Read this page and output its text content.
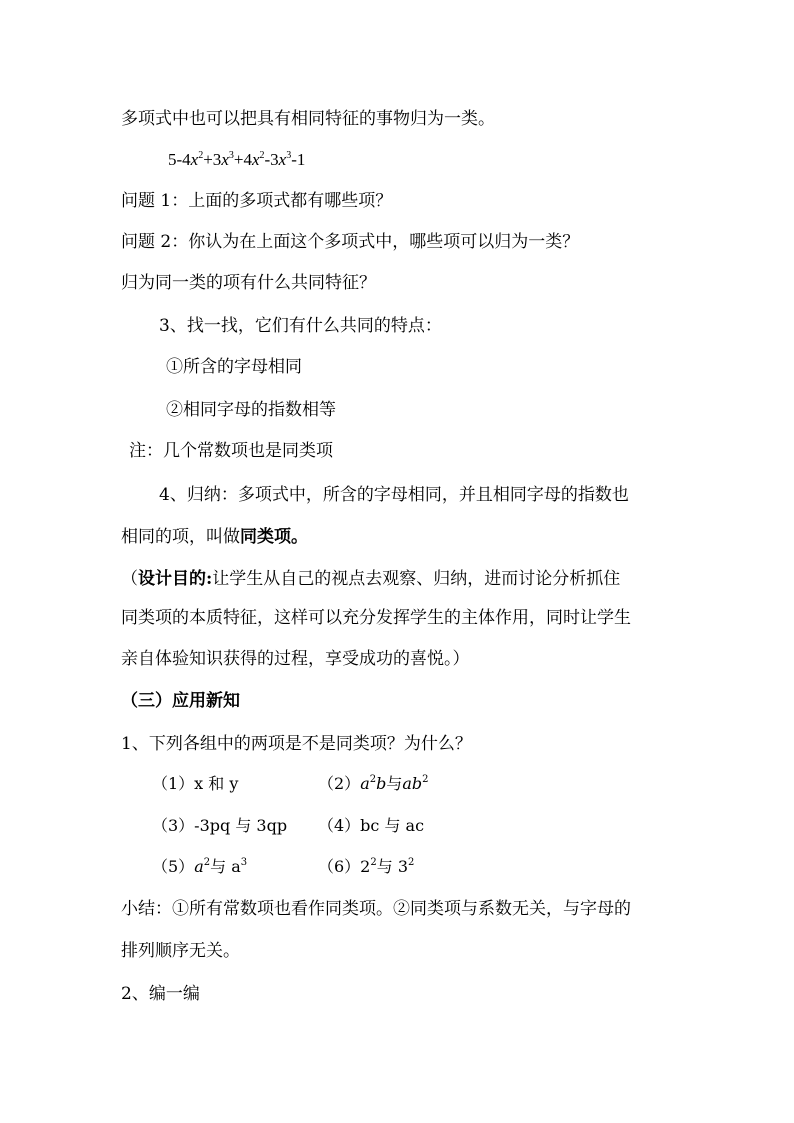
多项式中也可以把具有相同特征的事物归为一类。
$5-4x^2+3x^3+4x^2-3x^3-1$
问题 1：上面的多项式都有哪些项？
问题 2：你认为在上面这个多项式中，哪些项可以归为一类？
归为同一类的项有什么共同特征？
3、找一找，它们有什么共同的特点：
①所含的字母相同
②相同字母的指数相等
注：几个常数项也是同类项
4、归纳：多项式中，所含的字母相同，并且相同字母的指数也
相同的项，叫做同类项。
（设计目的:让学生从自己的视点去观察、归纳，进而讨论分析抓住
同类项的本质特征，这样可以充分发挥学生的主体作用，同时让学生
亲自体验知识获得的过程，享受成功的喜悦。）
（三）应用新知
1、下列各组中的两项是不是同类项？为什么？
（1）x 和 y	$(2)a^2b$与$ab^2$
（3）-3pq 与 3qp （4）bc 与 ac
$(5)a^2$与 $a^3$	$(6)2^2$与 $3^2$
小结：①所有常数项也看作同类项。②同类项与系数无关，与字母的
排列顺序无关。
2、编一编
